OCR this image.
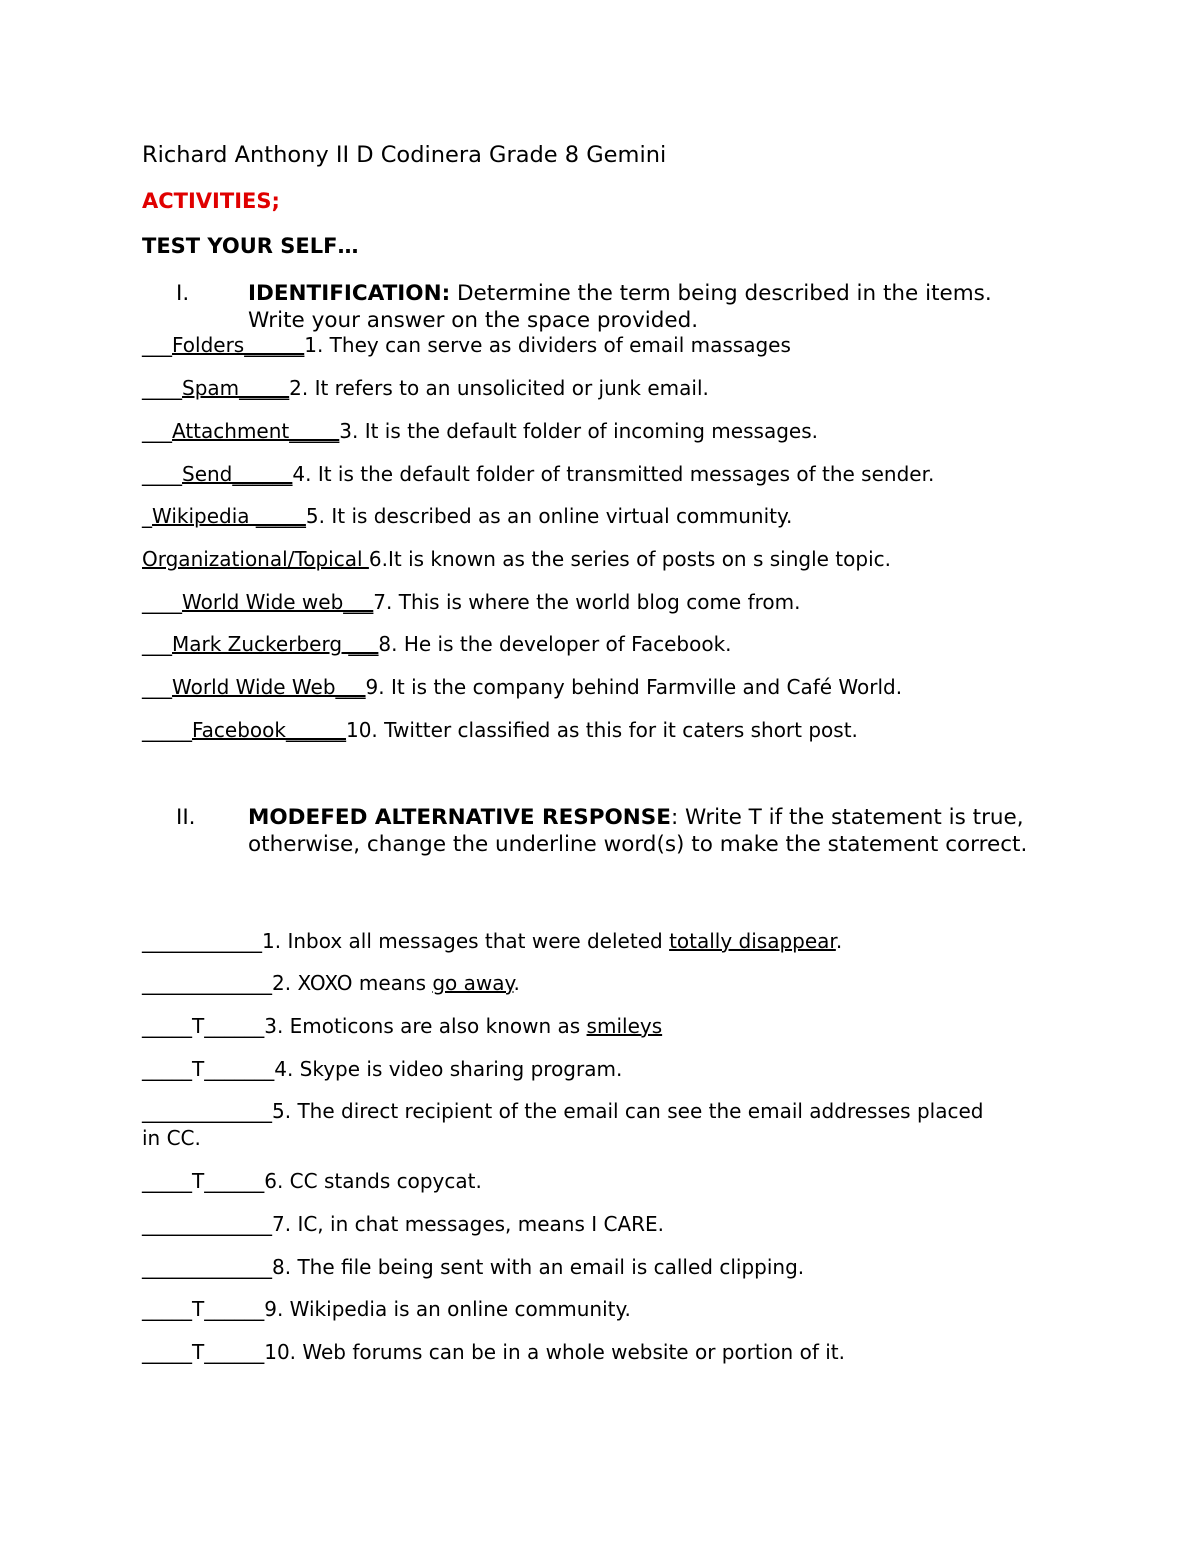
Richard Anthony II D Codinera Grade 8 Gemini
ACTIVITIES;
TEST YOUR SELF…
I.	IDENTIFICATION: Determine the term being described in the items. Write your answer on the space provided.
___Folders______1. They can serve as dividers of email massages
____Spam_____2. It refers to an unsolicited or junk email.
___Attachment_____3. It is the default folder of incoming messages.
____Send______4. It is the default folder of transmitted messages of the sender.
_Wikipedia _____5. It is described as an online virtual community.
Organizational/Topical 6.It is known as the series of posts on s single topic.
____World Wide web___7. This is where the world blog come from.
___Mark Zuckerberg ___8. He is the developer of Facebook.
___World Wide Web___9. It is the company behind Farmville and Café World.
_____Facebook______10. Twitter classified as this for it caters short post.
II. MODEFED ALTERNATIVE RESPONSE: Write T if the statement is true, otherwise, change the underline word(s) to make the statement correct.
____________1. Inbox all messages that were deleted totally disappear.
_____________2. XOXO means go away.
_____T______3. Emoticons are also known as smileys
_____T_______4. Skype is video sharing program.
_____________5. The direct recipient of the email can see the email addresses placed
in CC.
_____T______6. CC stands copycat.
_____________7. IC, in chat messages, means I CARE.
_____________8. The file being sent with an email is called clipping.
_____T______9. Wikipedia is an online community.
_____T______10. Web forums can be in a whole website or portion of it.
